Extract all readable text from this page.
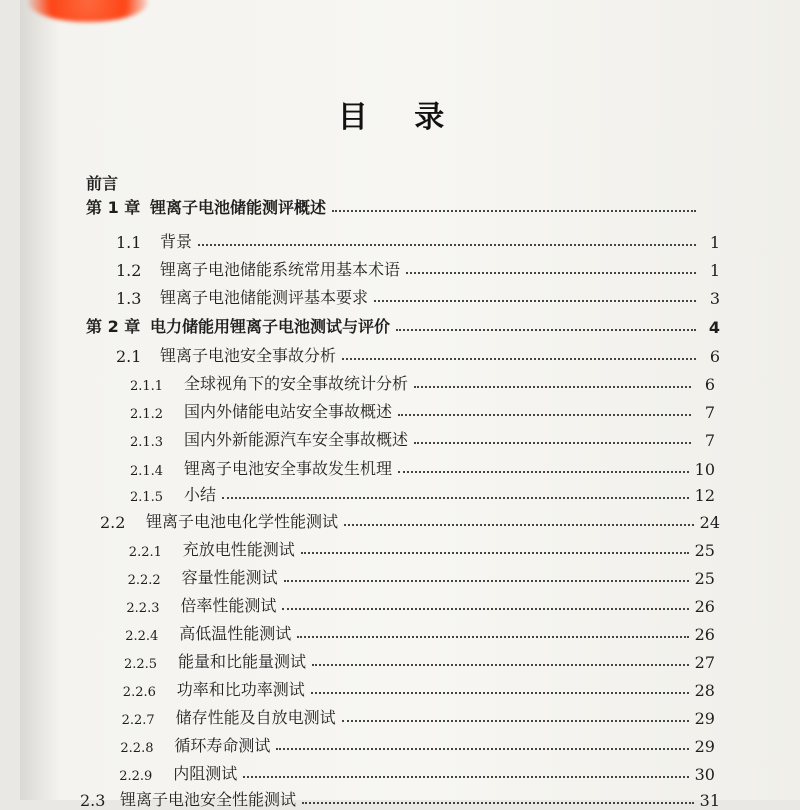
目 录
前言
第 1 章 锂离子电池储能测评概述
1.1	背景	1
1.2	锂离子电池储能系统常用基本术语	1
1.3	锂离子电池储能测评基本要求	3
第 2 章 电力储能用锂离子电池测试与评价	4
2.1	锂离子电池安全事故分析	6
2.1.1	全球视角下的安全事故统计分析	6
2.1.2	国内外储能电站安全事故概述	7
2.1.3	国内外新能源汽车安全事故概述	7
2.1.4	锂离子电池安全事故发生机理	10
2.1.5	小结	12
2.2	锂离子电池电化学性能测试	24
2.2.1	充放电性能测试	25
2.2.2	容量性能测试	25
2.2.3	倍率性能测试	26
2.2.4	高低温性能测试	26
2.2.5	能量和比能量测试	27
2.2.6	功率和比功率测试	28
2.2.7	储存性能及自放电测试	29
2.2.8	循环寿命测试	29
2.2.9	内阻测试	30
2.3 锂离子电池安全性能测试	31
